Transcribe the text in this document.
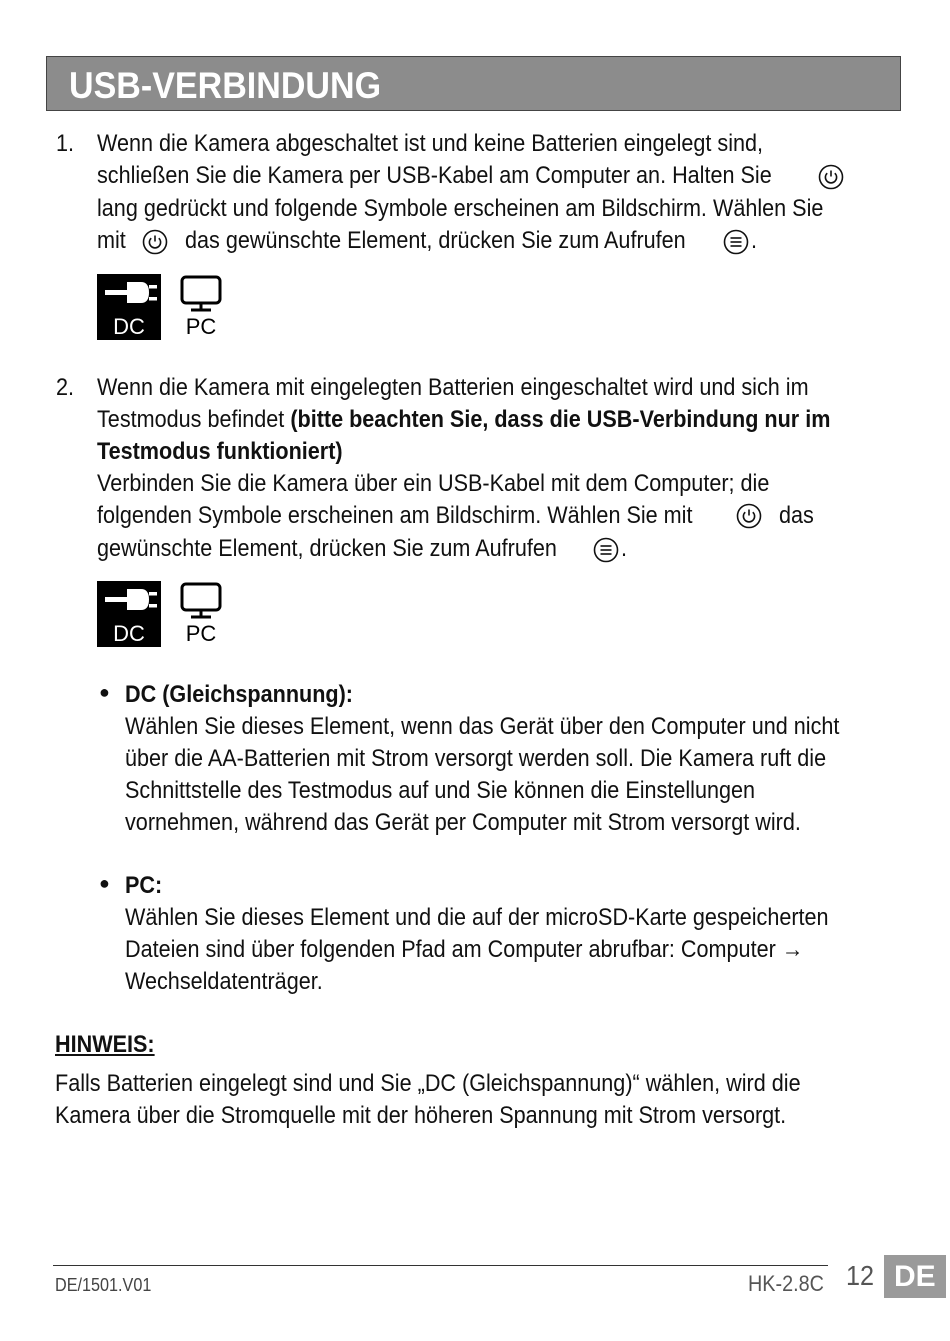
USB-VERBINDUNG
1. Wenn die Kamera abgeschaltet ist und keine Batterien eingelegt sind,
schließen Sie die Kamera per USB-Kabel am Computer an. Halten Sie
lang gedrückt und folgende Symbole erscheinen am Bildschirm. Wählen Sie
mit das gewünschte Element, drücken Sie zum Aufrufen	.
DC	PC
2. Wenn die Kamera mit eingelegten Batterien eingeschaltet wird und sich im
Testmodus befindet (bitte beachten Sie, dass die USB-Verbindung nur im
Testmodus funktioniert)
Verbinden Sie die Kamera über ein USB-Kabel mit dem Computer; die
folgenden Symbole erscheinen am Bildschirm. Wählen Sie mit	das
gewünschte Element, drücken Sie zum Aufrufen	.
DC	PC
● DC (Gleichspannung):
Wählen Sie dieses Element, wenn das Gerät über den Computer und nicht
über die AA-Batterien mit Strom versorgt werden soll. Die Kamera ruft die
Schnittstelle des Testmodus auf und Sie können die Einstellungen
vornehmen, während das Gerät per Computer mit Strom versorgt wird.
● PC:
Wählen Sie dieses Element und die auf der microSD-Karte gespeicherten
Dateien sind über folgenden Pfad am Computer abrufbar: Computer →
Wechseldatenträger.
HINWEIS:
Falls Batterien eingelegt sind und Sie „DC (Gleichspannung)“ wählen, wird die
Kamera über die Stromquelle mit der höheren Spannung mit Strom versorgt.
DE/1501.V01	HK-2.8C 12 DE
